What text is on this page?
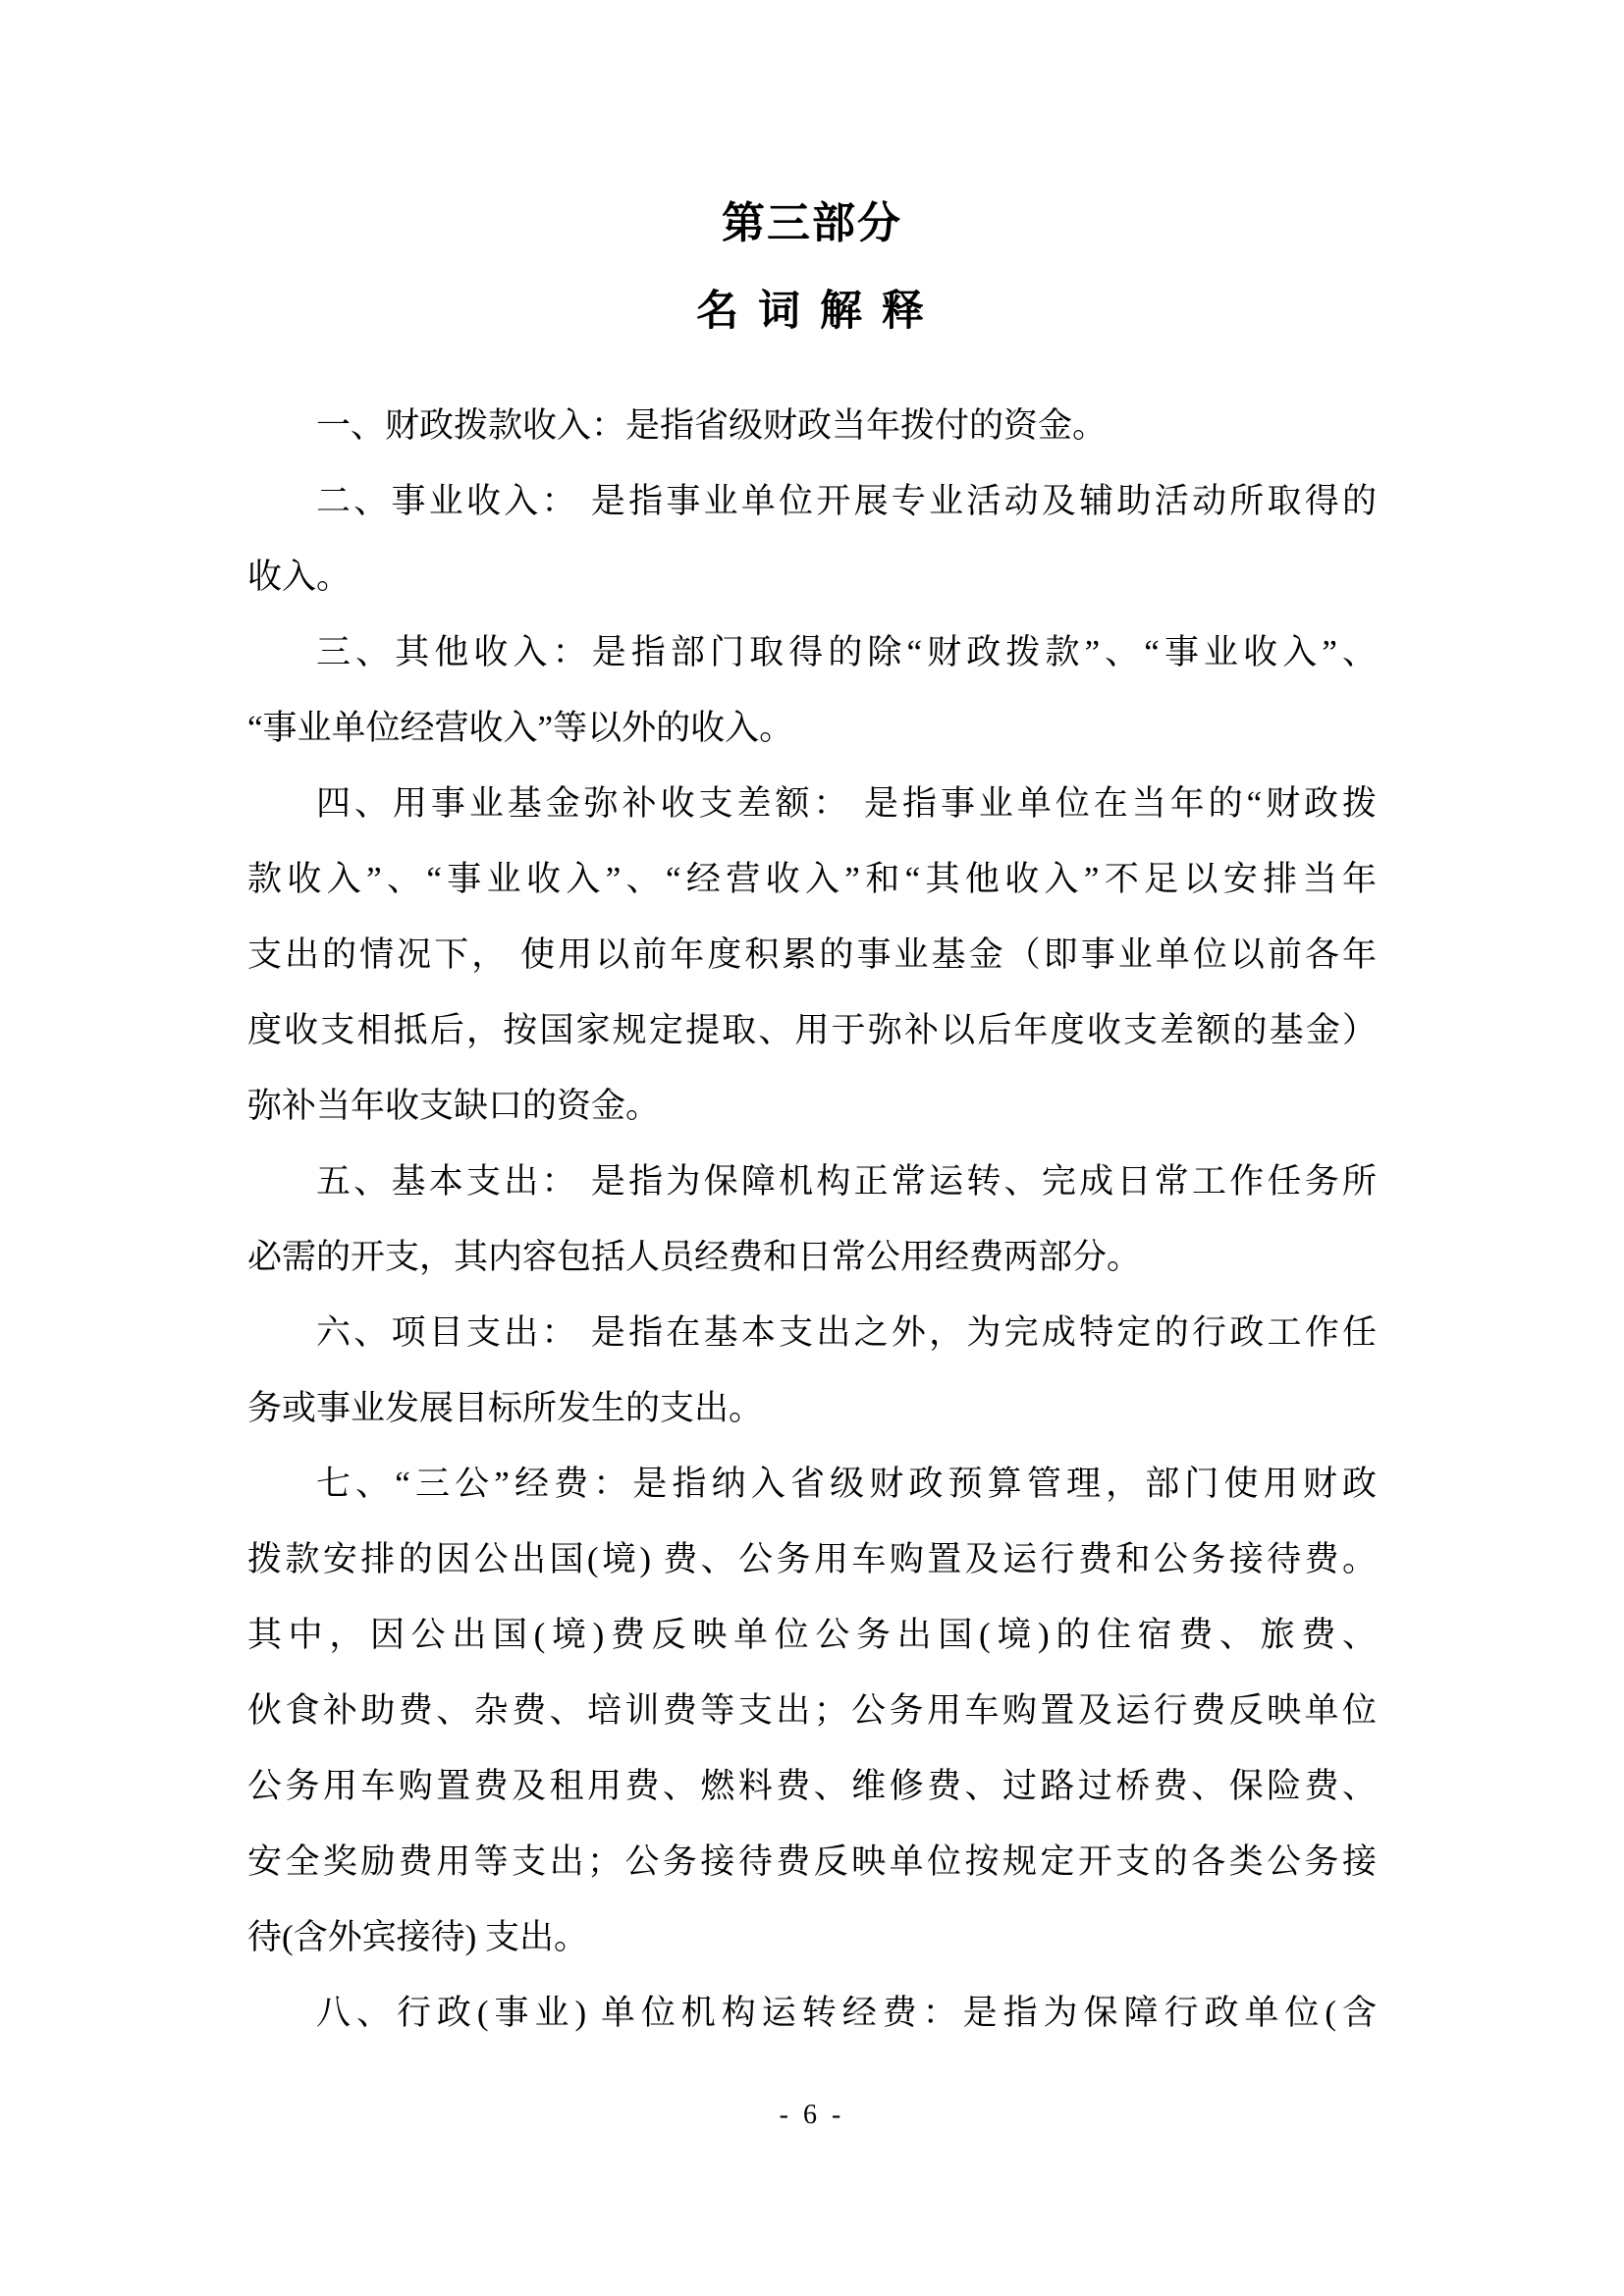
第三部分
名 词 解 释
一、财政拨款收入：是指省级财政当年拨付的资金。
二、事业收入： 是指事业单位开展专业活动及辅助活动所取得的
收入。
三、其他收入：是指部门取得的除“财政拨款”、“事业收入”、
“事业单位经营收入”等以外的收入。
四、用事业基金弥补收支差额： 是指事业单位在当年的“财政拨
款收入”、“事业收入”、“经营收入”和“其他收入”不足以安排当年
支出的情况下， 使用以前年度积累的事业基金（即事业单位以前各年
度收支相抵后，按国家规定提取、用于弥补以后年度收支差额的基金）
弥补当年收支缺口的资金。
五、基本支出： 是指为保障机构正常运转、完成日常工作任务所
必需的开支，其内容包括人员经费和日常公用经费两部分。
六、项目支出： 是指在基本支出之外，为完成特定的行政工作任
务或事业发展目标所发生的支出。
七、“三公”经费：是指纳入省级财政预算管理，部门使用财政
拨款安排的因公出国(境) 费、公务用车购置及运行费和公务接待费。
其中，因公出国(境)费反映单位公务出国(境)的住宿费、旅费、
伙食补助费、杂费、培训费等支出；公务用车购置及运行费反映单位
公务用车购置费及租用费、燃料费、维修费、过路过桥费、保险费、
安全奖励费用等支出；公务接待费反映单位按规定开支的各类公务接
待(含外宾接待) 支出。
八、行政(事业) 单位机构运转经费：是指为保障行政单位(含
- 6 -
